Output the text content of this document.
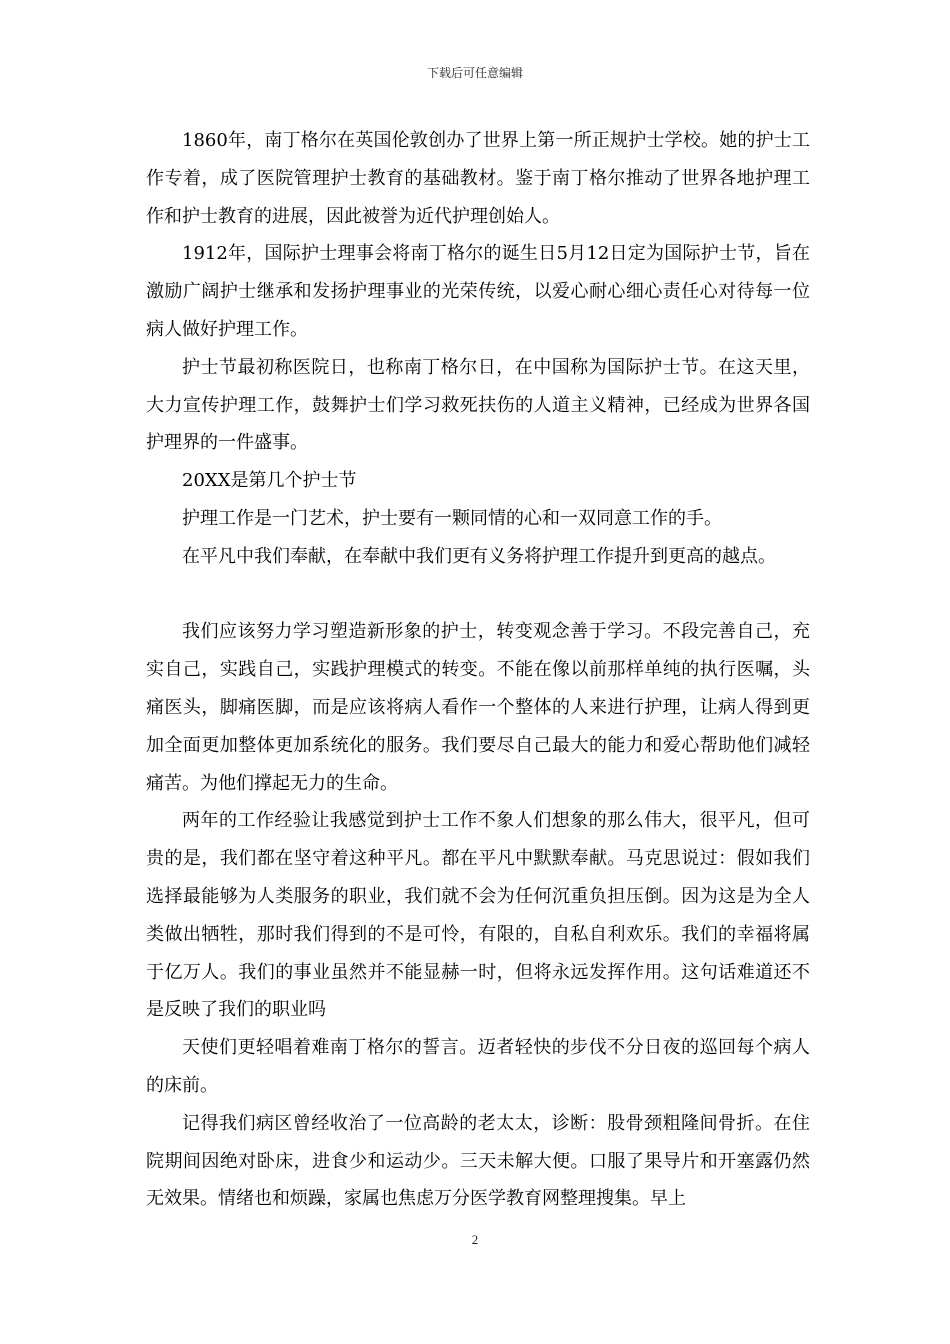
下载后可任意编辑

1860年，南丁格尔在英国伦敦创办了世界上第一所正规护士学校。她的护士工作专着，成了医院管理护士教育的基础教材。鉴于南丁格尔推动了世界各地护理工作和护士教育的进展，因此被誉为近代护理创始人。

1912年，国际护士理事会将南丁格尔的诞生日5月12日定为国际护士节，旨在激励广阔护士继承和发扬护理事业的光荣传统，以爱心耐心细心责任心对待每一位病人做好护理工作。

护士节最初称医院日，也称南丁格尔日，在中国称为国际护士节。在这天里，大力宣传护理工作，鼓舞护士们学习救死扶伤的人道主义精神，已经成为世界各国护理界的一件盛事。

20XX是第几个护士节

护理工作是一门艺术，护士要有一颗同情的心和一双同意工作的手。

在平凡中我们奉献，在奉献中我们更有义务将护理工作提升到更高的越点。

我们应该努力学习塑造新形象的护士，转变观念善于学习。不段完善自己，充实自己，实践自己，实践护理模式的转变。不能在像以前那样单纯的执行医嘱，头痛医头，脚痛医脚，而是应该将病人看作一个整体的人来进行护理，让病人得到更加全面更加整体更加系统化的服务。我们要尽自己最大的能力和爱心帮助他们减轻痛苦。为他们撑起无力的生命。

两年的工作经验让我感觉到护士工作不象人们想象的那么伟大，很平凡，但可贵的是，我们都在坚守着这种平凡。都在平凡中默默奉献。马克思说过：假如我们选择最能够为人类服务的职业，我们就不会为任何沉重负担压倒。因为这是为全人类做出牺牲，那时我们得到的不是可怜，有限的，自私自利欢乐。我们的幸福将属于亿万人。我们的事业虽然并不能显赫一时，但将永远发挥作用。这句话难道还不是反映了我们的职业吗

天使们更轻唱着难南丁格尔的誓言。迈者轻快的步伐不分日夜的巡回每个病人的床前。

记得我们病区曾经收治了一位高龄的老太太，诊断：股骨颈粗隆间骨折。在住院期间因绝对卧床，进食少和运动少。三天未解大便。口服了果导片和开塞露仍然无效果。情绪也和烦躁，家属也焦虑万分医学教育网整理搜集。早上

2
